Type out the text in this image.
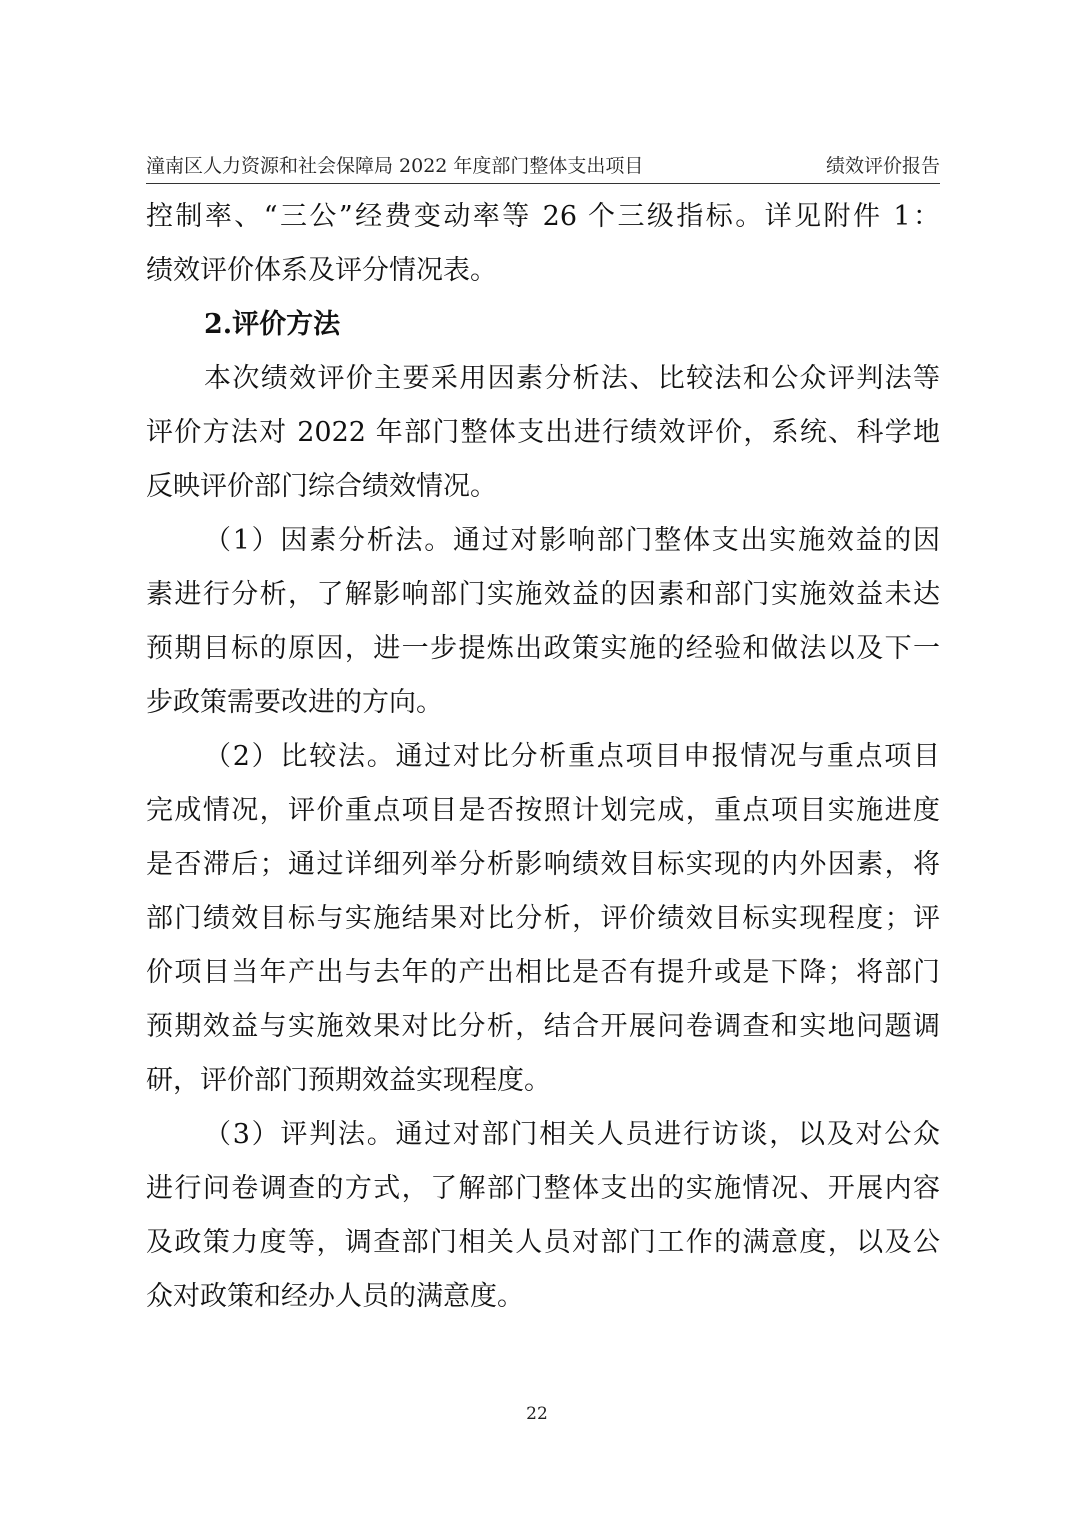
潼南区人力资源和社会保障局 2022 年度部门整体支出项目	绩效评价报告
控制率、“三公”经费变动率等 26 个三级指标。详见附件 1：
绩效评价体系及评分情况表。
2.评价方法
本次绩效评价主要采用因素分析法、比较法和公众评判法等
评价方法对 2022 年部门整体支出进行绩效评价，系统、科学地
反映评价部门综合绩效情况。
（1）因素分析法。通过对影响部门整体支出实施效益的因
素进行分析，了解影响部门实施效益的因素和部门实施效益未达
预期目标的原因，进一步提炼出政策实施的经验和做法以及下一
步政策需要改进的方向。
（2）比较法。通过对比分析重点项目申报情况与重点项目
完成情况，评价重点项目是否按照计划完成，重点项目实施进度
是否滞后；通过详细列举分析影响绩效目标实现的内外因素，将
部门绩效目标与实施结果对比分析，评价绩效目标实现程度；评
价项目当年产出与去年的产出相比是否有提升或是下降；将部门
预期效益与实施效果对比分析，结合开展问卷调查和实地问题调
研，评价部门预期效益实现程度。
（3）评判法。通过对部门相关人员进行访谈，以及对公众
进行问卷调查的方式，了解部门整体支出的实施情况、开展内容
及政策力度等，调查部门相关人员对部门工作的满意度，以及公
众对政策和经办人员的满意度。
22
